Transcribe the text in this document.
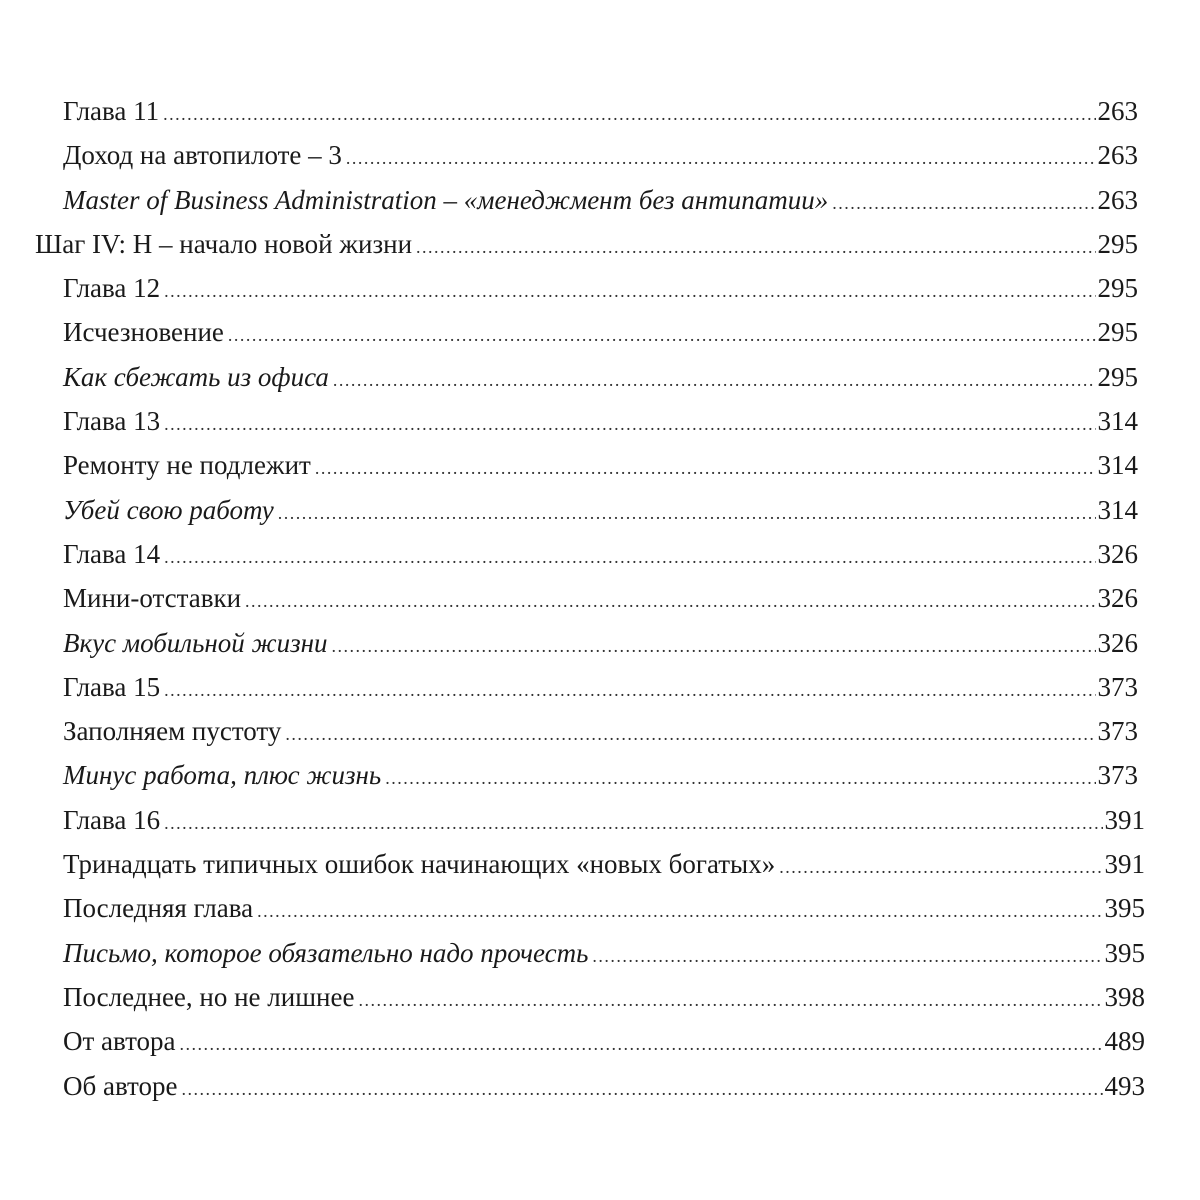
Глава 11 .....	263
Доход на автопилоте – 3 .....	263
Master of Business Administration – «менеджмент без антипатии» .....	263
Шаг IV: Н – начало новой жизни .....	295
Глава 12 .....	295
Исчезновение .....	295
Как сбежать из офиса .....	295
Глава 13 .....	314
Ремонту не подлежит .....	314
Убей свою работу .....	314
Глава 14 .....	326
Мини-отставки .....	326
Вкус мобильной жизни .....	326
Глава 15 .....	373
Заполняем пустоту .....	373
Минус работа, плюс жизнь .....	373
Глава 16 .....	391
Тринадцать типичных ошибок начинающих «новых богатых» .....	391
Последняя глава .....	395
Письмо, которое обязательно надо прочесть .....	395
Последнее, но не лишнее .....	398
От автора .....	489
Об авторе .....	493
